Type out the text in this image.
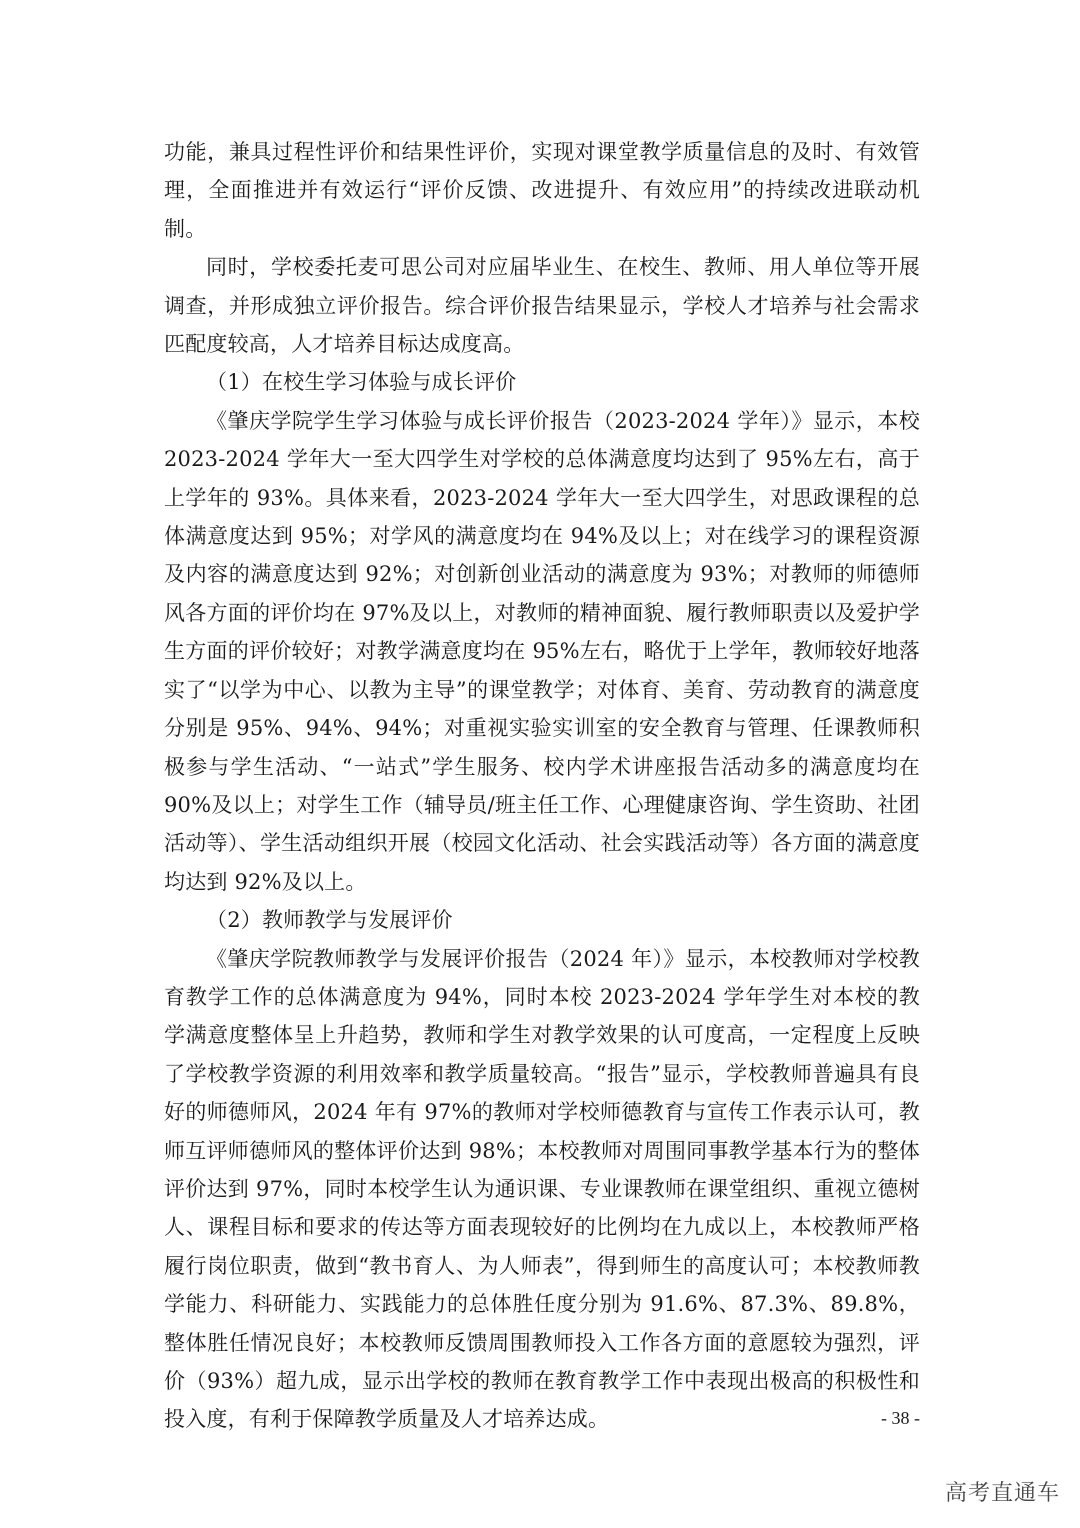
功能，兼具过程性评价和结果性评价，实现对课堂教学质量信息的及时、有效管理，全面推进并有效运行“评价反馈、改进提升、有效应用”的持续改进联动机制。

同时，学校委托麦可思公司对应届毕业生、在校生、教师、用人单位等开展调查，并形成独立评价报告。综合评价报告结果显示，学校人才培养与社会需求匹配度较高，人才培养目标达成度高。

（1）在校生学习体验与成长评价

《肇庆学院学生学习体验与成长评价报告（2023-2024 学年）》显示，本校 2023-2024 学年大一至大四学生对学校的总体满意度均达到了 95%左右，高于上学年的 93%。具体来看，2023-2024 学年大一至大四学生，对思政课程的总体满意度达到 95%；对学风的满意度均在 94%及以上；对在线学习的课程资源及内容的满意度达到 92%；对创新创业活动的满意度为 93%；对教师的师德师风各方面的评价均在 97%及以上，对教师的精神面貌、履行教师职责以及爱护学生方面的评价较好；对教学满意度均在 95%左右，略优于上学年，教师较好地落实了“以学为中心、以教为主导”的课堂教学；对体育、美育、劳动教育的满意度分别是 95%、94%、94%；对重视实验实训室的安全教育与管理、任课教师积极参与学生活动、“一站式”学生服务、校内学术讲座报告活动多的满意度均在 90%及以上；对学生工作（辅导员/班主任工作、心理健康咨询、学生资助、社团活动等）、学生活动组织开展（校园文化活动、社会实践活动等）各方面的满意度均达到 92%及以上。

（2）教师教学与发展评价

《肇庆学院教师教学与发展评价报告（2024 年）》显示，本校教师对学校教育教学工作的总体满意度为 94%，同时本校 2023-2024 学年学生对本校的教学满意度整体呈上升趋势，教师和学生对教学效果的认可度高，一定程度上反映了学校教学资源的利用效率和教学质量较高。“报告”显示，学校教师普遍具有良好的师德师风，2024 年有 97%的教师对学校师德教育与宣传工作表示认可，教师互评师德师风的整体评价达到 98%；本校教师对周围同事教学基本行为的整体评价达到 97%，同时本校学生认为通识课、专业课教师在课堂组织、重视立德树人、课程目标和要求的传达等方面表现较好的比例均在九成以上，本校教师严格履行岗位职责，做到“教书育人、为人师表”，得到师生的高度认可；本校教师教学能力、科研能力、实践能力的总体胜任度分别为 91.6%、87.3%、89.8%，整体胜任情况良好；本校教师反馈周围教师投入工作各方面的意愿较为强烈，评价（93%）超九成，显示出学校的教师在教育教学工作中表现出极高的积极性和投入度，有利于保障教学质量及人才培养达成。	- 38 -
高考直通车
